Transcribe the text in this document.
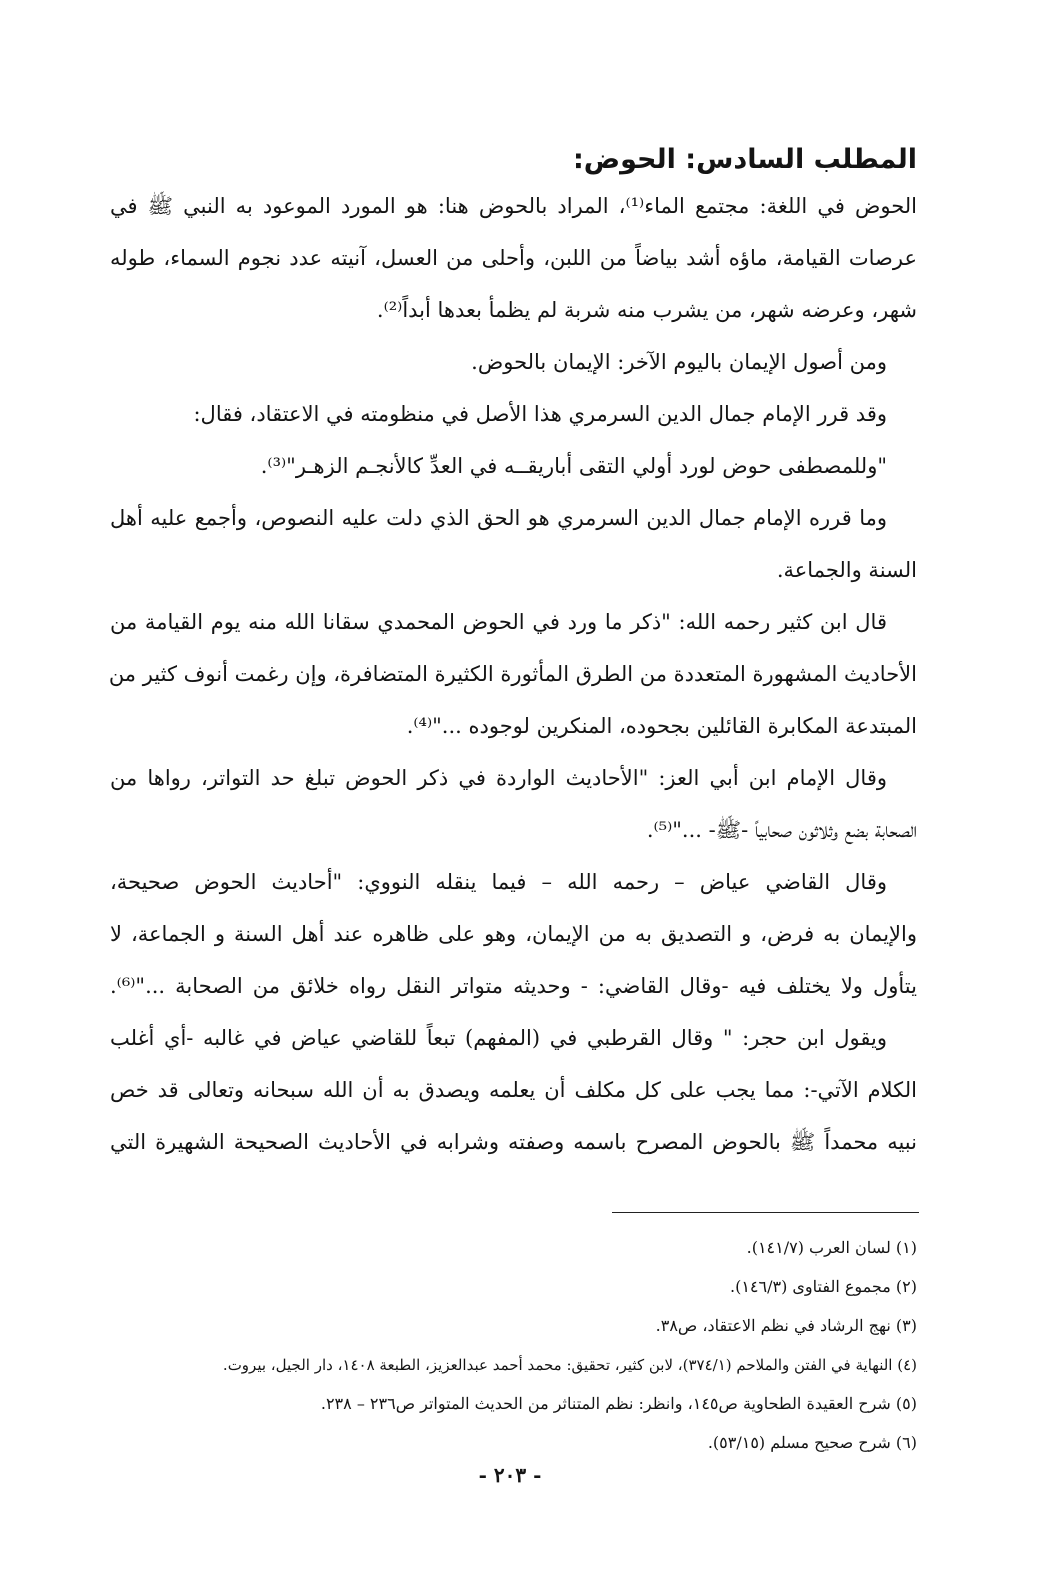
المطلب السادس: الحوض:
الحوض في اللغة: مجتمع الماء⁽¹⁾، المراد بالحوض هنا: هو المورد الموعود به النبي ﷺ في
عرصات القيامة، ماؤه أشد بياضاً من اللبن، وأحلى من العسل، آنيته عدد نجوم السماء، طوله
شهر، وعرضه شهر، من يشرب منه شربة لم يظمأ بعدها أبداً⁽²⁾.
ومن أصول الإيمان باليوم الآخر: الإيمان بالحوض.
وقد قرر الإمام جمال الدين السرمري هذا الأصل في منظومته في الاعتقاد، فقال:
"وللمصطفى حوض لورد أولي التقى أباريقــه في العدِّ كالأنجـم الزهـر"⁽³⁾.
وما قرره الإمام جمال الدين السرمري هو الحق الذي دلت عليه النصوص، وأجمع عليه أهل
السنة والجماعة.
قال ابن كثير رحمه الله: "ذكر ما ورد في الحوض المحمدي سقانا الله منه يوم القيامة من
الأحاديث المشهورة المتعددة من الطرق المأثورة الكثيرة المتضافرة، وإن رغمت أنوف كثير من
المبتدعة المكابرة القائلين بجحوده، المنكرين لوجوده ..."⁽⁴⁾.
وقال الإمام ابن أبي العز: "الأحاديث الواردة في ذكر الحوض تبلغ حد التواتر، رواها من
الصحابة بضع وثلاثون صحابياً -ﷺ- ..."⁽⁵⁾.
وقال القاضي عياض – رحمه الله – فيما ينقله النووي: "أحاديث الحوض صحيحة،
والإيمان به فرض، و التصديق به من الإيمان، وهو على ظاهره عند أهل السنة و الجماعة، لا
يتأول ولا يختلف فيه -وقال القاضي: - وحديثه متواتر النقل رواه خلائق من الصحابة ..."⁽⁶⁾.
ويقول ابن حجر: " وقال القرطبي في (المفهم) تبعاً للقاضي عياض في غالبه -أي أغلب
الكلام الآتي-: مما يجب على كل مكلف أن يعلمه ويصدق به أن الله سبحانه وتعالى قد خص
نبيه محمداً ﷺ بالحوض المصرح باسمه وصفته وشرابه في الأحاديث الصحيحة الشهيرة التي
(١) لسان العرب (١٤١/٧).
(٢) مجموع الفتاوى (١٤٦/٣).
(٣) نهج الرشاد في نظم الاعتقاد، ص٣٨.
(٤) النهاية في الفتن والملاحم (٣٧٤/١)، لابن كثير، تحقيق: محمد أحمد عبدالعزيز، الطبعة ١٤٠٨، دار الجيل، بيروت.
(٥) شرح العقيدة الطحاوية ص١٤٥، وانظر: نظم المتناثر من الحديث المتواتر ص٢٣٦ – ٢٣٨.
(٦) شرح صحيح مسلم (٥٣/١٥).
- ٢٠٣ -
